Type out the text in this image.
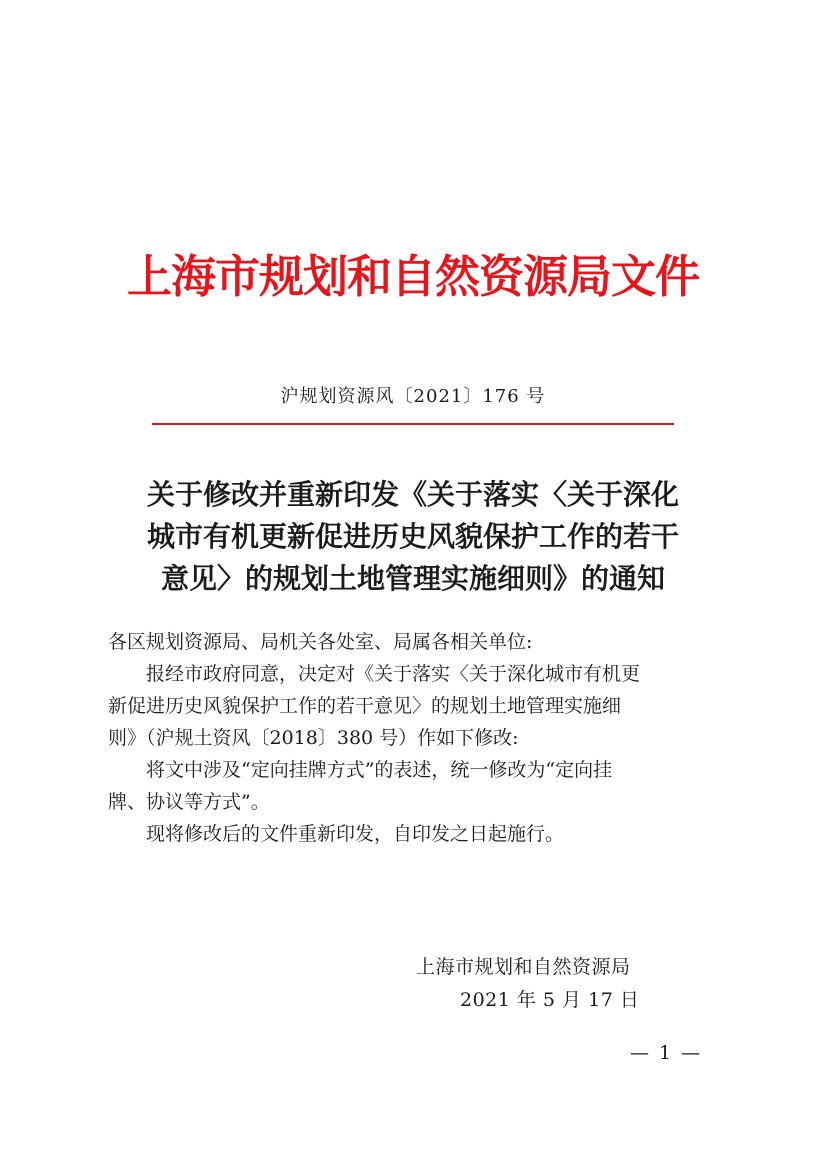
上海市规划和自然资源局文件
沪规划资源风〔2021〕176 号
关于修改并重新印发《关于落实〈关于深化
城市有机更新促进历史风貌保护工作的若干
意见〉的规划土地管理实施细则》的通知

各区规划资源局、局机关各处室、局属各相关单位:

报经市政府同意，决定对《关于落实〈关于深化城市有机更

新促进历史风貌保护工作的若干意见〉的规划土地管理实施细

则》（沪规土资风〔2018〕380 号）作如下修改:

将文中涉及“定向挂牌方式”的表述，统一修改为“定向挂

牌、协议等方式”。

现将修改后的文件重新印发，自印发之日起施行。

上海市规划和自然资源局
2021 年 5 月 17 日
— 1 —
